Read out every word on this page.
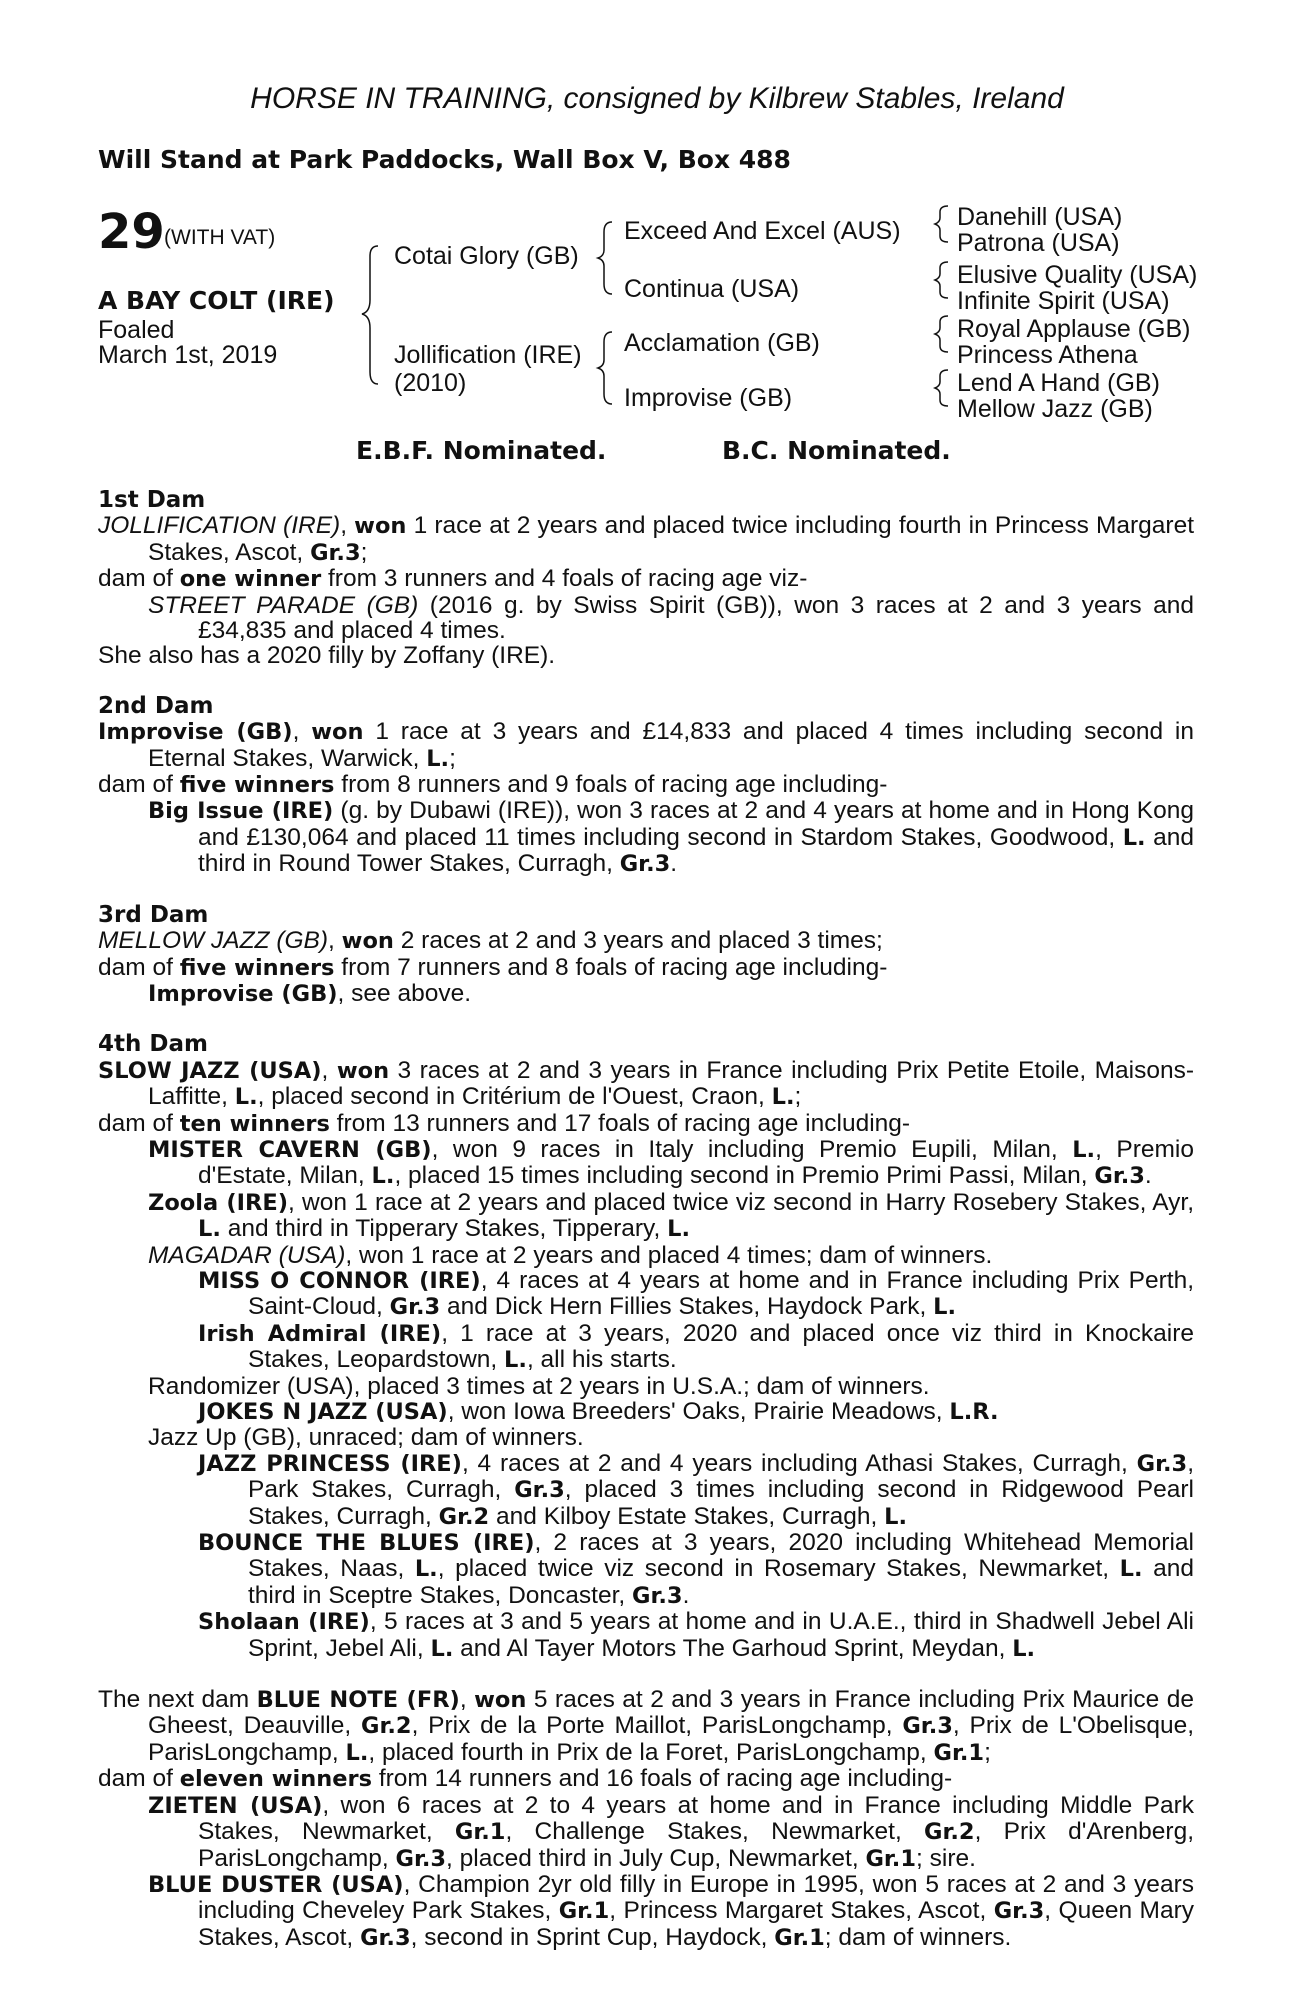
HORSE IN TRAINING, consigned by Kilbrew Stables, Ireland
Will Stand at Park Paddocks, Wall Box V, Box 488
29 (WITH VAT)
A BAY COLT (IRE)
Foaled
March 1st, 2019
Cotai Glory (GB)
Jollification (IRE)
(2010)
Exceed And Excel (AUS)
Continua (USA)
Acclamation (GB)
Improvise (GB)
Danehill (USA)
Patrona (USA)
Elusive Quality (USA)
Infinite Spirit (USA)
Royal Applause (GB)
Princess Athena
Lend A Hand (GB)
Mellow Jazz (GB)
E.B.F. Nominated.	B.C. Nominated.
1st Dam
JOLLIFICATION (IRE), won 1 race at 2 years and placed twice including fourth in Princess Margaret Stakes, Ascot, Gr.3;
dam of one winner from 3 runners and 4 foals of racing age viz-
STREET PARADE (GB) (2016 g. by Swiss Spirit (GB)), won 3 races at 2 and 3 years and £34,835 and placed 4 times.
She also has a 2020 filly by Zoffany (IRE).
2nd Dam
Improvise (GB), won 1 race at 3 years and £14,833 and placed 4 times including second in Eternal Stakes, Warwick, L.;
dam of five winners from 8 runners and 9 foals of racing age including-
Big Issue (IRE) (g. by Dubawi (IRE)), won 3 races at 2 and 4 years at home and in Hong Kong and £130,064 and placed 11 times including second in Stardom Stakes, Goodwood, L. and third in Round Tower Stakes, Curragh, Gr.3.
3rd Dam
MELLOW JAZZ (GB), won 2 races at 2 and 3 years and placed 3 times;
dam of five winners from 7 runners and 8 foals of racing age including-
Improvise (GB), see above.
4th Dam
SLOW JAZZ (USA), won 3 races at 2 and 3 years in France including Prix Petite Etoile, Maisons-Laffitte, L., placed second in Critérium de l'Ouest, Craon, L.;
dam of ten winners from 13 runners and 17 foals of racing age including-
MISTER CAVERN (GB), won 9 races in Italy including Premio Eupili, Milan, L., Premio d'Estate, Milan, L., placed 15 times including second in Premio Primi Passi, Milan, Gr.3.
Zoola (IRE), won 1 race at 2 years and placed twice viz second in Harry Rosebery Stakes, Ayr, L. and third in Tipperary Stakes, Tipperary, L.
MAGADAR (USA), won 1 race at 2 years and placed 4 times; dam of winners.
MISS O CONNOR (IRE), 4 races at 4 years at home and in France including Prix Perth, Saint-Cloud, Gr.3 and Dick Hern Fillies Stakes, Haydock Park, L.
Irish Admiral (IRE), 1 race at 3 years, 2020 and placed once viz third in Knockaire Stakes, Leopardstown, L., all his starts.
Randomizer (USA), placed 3 times at 2 years in U.S.A.; dam of winners.
JOKES N JAZZ (USA), won Iowa Breeders' Oaks, Prairie Meadows, L.R.
Jazz Up (GB), unraced; dam of winners.
JAZZ PRINCESS (IRE), 4 races at 2 and 4 years including Athasi Stakes, Curragh, Gr.3, Park Stakes, Curragh, Gr.3, placed 3 times including second in Ridgewood Pearl Stakes, Curragh, Gr.2 and Kilboy Estate Stakes, Curragh, L.
BOUNCE THE BLUES (IRE), 2 races at 3 years, 2020 including Whitehead Memorial Stakes, Naas, L., placed twice viz second in Rosemary Stakes, Newmarket, L. and third in Sceptre Stakes, Doncaster, Gr.3.
Sholaan (IRE), 5 races at 3 and 5 years at home and in U.A.E., third in Shadwell Jebel Ali Sprint, Jebel Ali, L. and Al Tayer Motors The Garhoud Sprint, Meydan, L.
The next dam BLUE NOTE (FR), won 5 races at 2 and 3 years in France including Prix Maurice de Gheest, Deauville, Gr.2, Prix de la Porte Maillot, ParisLongchamp, Gr.3, Prix de L'Obelisque, ParisLongchamp, L., placed fourth in Prix de la Foret, ParisLongchamp, Gr.1;
dam of eleven winners from 14 runners and 16 foals of racing age including-
ZIETEN (USA), won 6 races at 2 to 4 years at home and in France including Middle Park Stakes, Newmarket, Gr.1, Challenge Stakes, Newmarket, Gr.2, Prix d'Arenberg, ParisLongchamp, Gr.3, placed third in July Cup, Newmarket, Gr.1; sire.
BLUE DUSTER (USA), Champion 2yr old filly in Europe in 1995, won 5 races at 2 and 3 years including Cheveley Park Stakes, Gr.1, Princess Margaret Stakes, Ascot, Gr.3, Queen Mary Stakes, Ascot, Gr.3, second in Sprint Cup, Haydock, Gr.1; dam of winners.
